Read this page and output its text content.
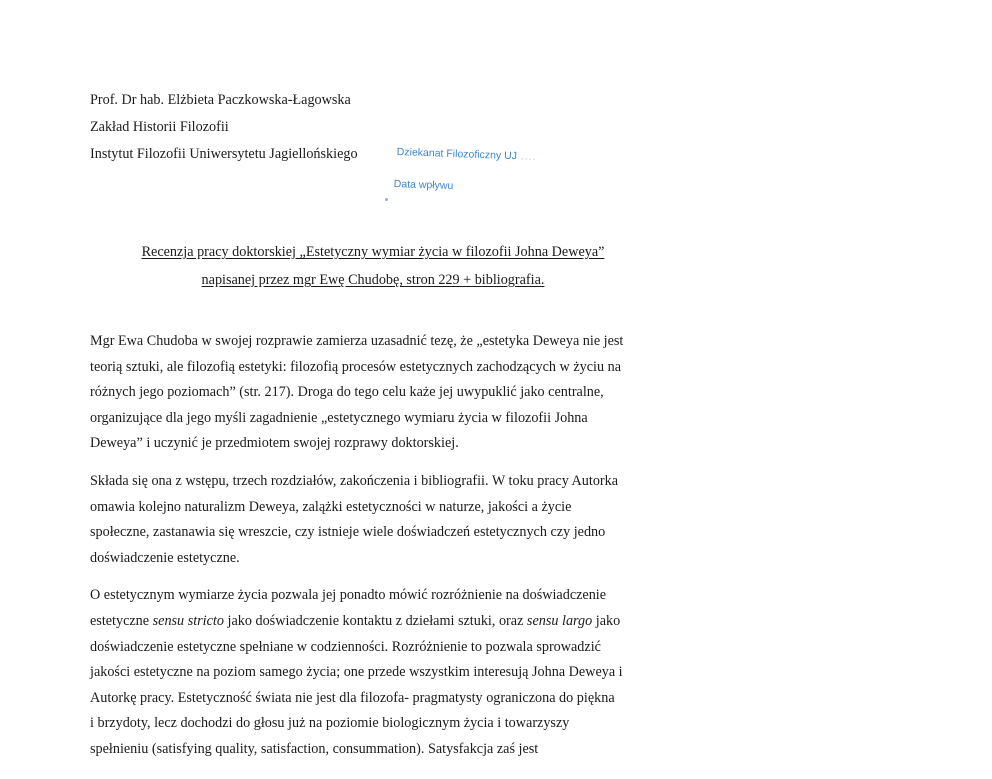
Prof. Dr hab. Elżbieta Paczkowska-Łagowska
Zakład Historii Filozofii
Instytut Filozofii Uniwersytetu Jagiellońskiego	Dziekanat Filozoficzny UJ ....
Data wpływu
Recenzja pracy doktorskiej „Estetyczny wymiar życia w filozofii Johna Deweya”
napisanej przez mgr Ewę Chudobę, stron 229 + bibliografia.
Mgr Ewa Chudoba w swojej rozprawie zamierza uzasadnić tezę, że „estetyka Deweya nie jest
teorią sztuki, ale filozofią estetyki: filozofią procesów estetycznych zachodzących w życiu na
różnych jego poziomach” (str. 217). Droga do tego celu każe jej uwypuklić jako centralne,
organizujące dla jego myśli zagadnienie „estetycznego wymiaru życia w filozofii Johna
Deweya” i uczynić je przedmiotem swojej rozprawy doktorskiej.
Składa się ona z wstępu, trzech rozdziałów, zakończenia i bibliografii. W toku pracy Autorka
omawia kolejno naturalizm Deweya, zalążki estetyczności w naturze, jakości a życie
społeczne, zastanawia się wreszcie, czy istnieje wiele doświadczeń estetycznych czy jedno
doświadczenie estetyczne.
O estetycznym wymiarze życia pozwala jej ponadto mówić rozróżnienie na doświadczenie
estetyczne sensu stricto jako doświadczenie kontaktu z dziełami sztuki, oraz sensu largo jako
doświadczenie estetyczne spełniane w codzienności. Rozróżnienie to pozwala sprowadzić
jakości estetyczne na poziom samego życia; one przede wszystkim interesują Johna Deweya i
Autorkę pracy. Estetyczność świata nie jest dla filozofa- pragmatysty ograniczona do piękna
i brzydoty, lecz dochodzi do głosu już na poziomie biologicznym życia i towarzyszy
spełnieniu (satisfying quality, satisfaction, consummation). Satysfakcja zaś jest
